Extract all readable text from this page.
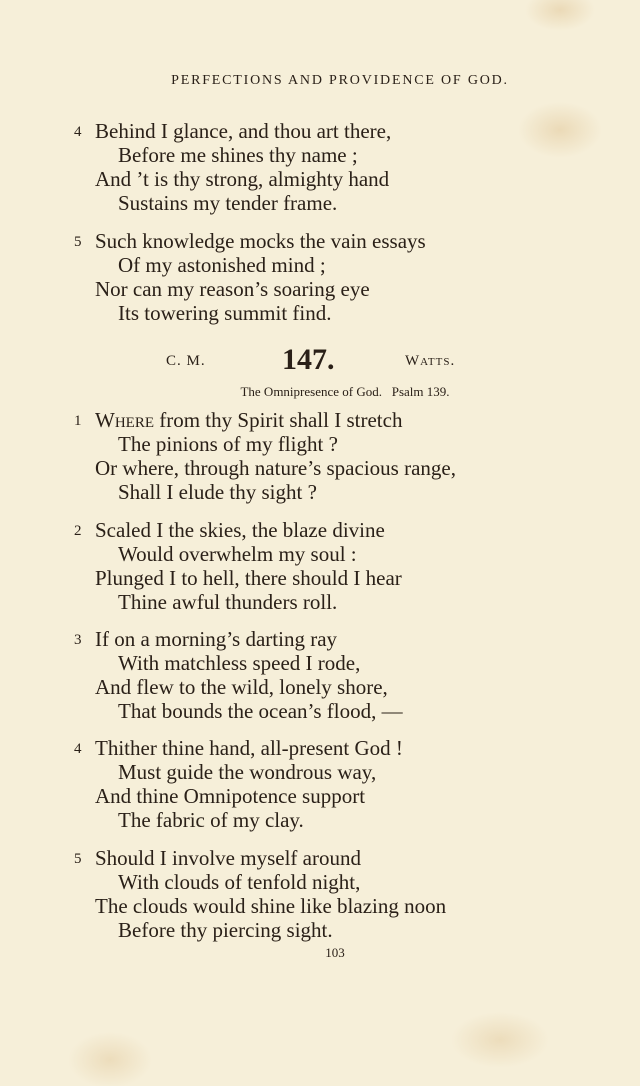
PERFECTIONS AND PROVIDENCE OF GOD.
4 Behind I glance, and thou art there,
Before me shines thy name ;
And ’t is thy strong, almighty hand
Sustains my tender frame.
5 Such knowledge mocks the vain essays
Of my astonished mind ;
Nor can my reason’s soaring eye
Its towering summit find.
C. M.	147.	Watts.
The Omnipresence of God.   Psalm 139.
1 Where from thy Spirit shall I stretch
The pinions of my flight ?
Or where, through nature’s spacious range,
Shall I elude thy sight ?
2 Scaled I the skies, the blaze divine
Would overwhelm my soul :
Plunged I to hell, there should I hear
Thine awful thunders roll.
3 If on a morning’s darting ray
With matchless speed I rode,
And flew to the wild, lonely shore,
That bounds the ocean’s flood, —
4 Thither thine hand, all-present God !
Must guide the wondrous way,
And thine Omnipotence support
The fabric of my clay.
5 Should I involve myself around
With clouds of tenfold night,
The clouds would shine like blazing noon
Before thy piercing sight.
103
